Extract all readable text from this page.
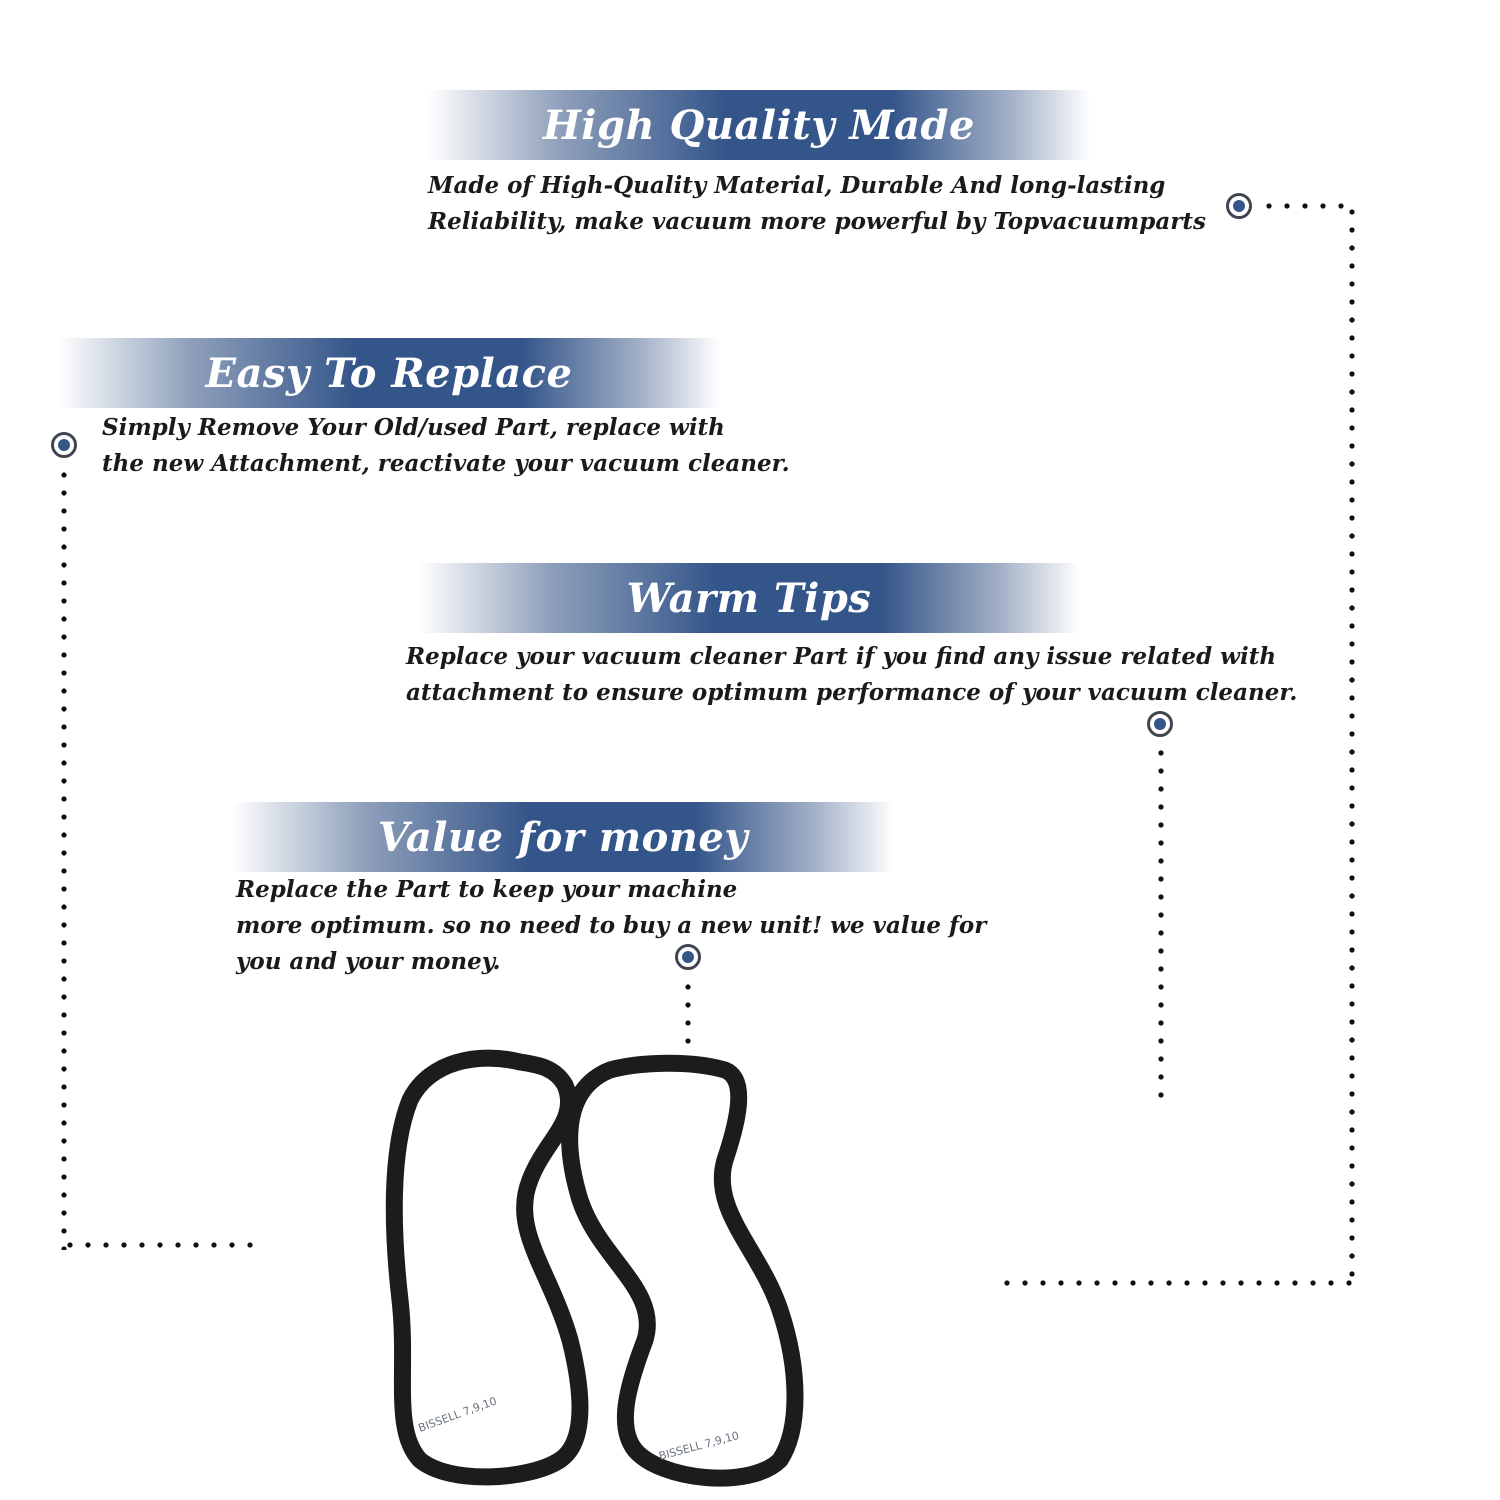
High Quality Made
Made of High-Quality Material, Durable And long-lasting
Reliability, make vacuum more powerful by Topvacuumparts
Easy To Replace
Simply Remove Your Old/used Part, replace with
the new Attachment, reactivate your vacuum cleaner.
Warm Tips
Replace your vacuum cleaner Part if you find any issue related with
attachment to ensure optimum performance of your vacuum cleaner.
Value for money
Replace the Part to keep your machine
more optimum. so no need to buy a new unit! we value for
you and your money.
BISSELL 7,9,10
BISSELL 7,9,10
